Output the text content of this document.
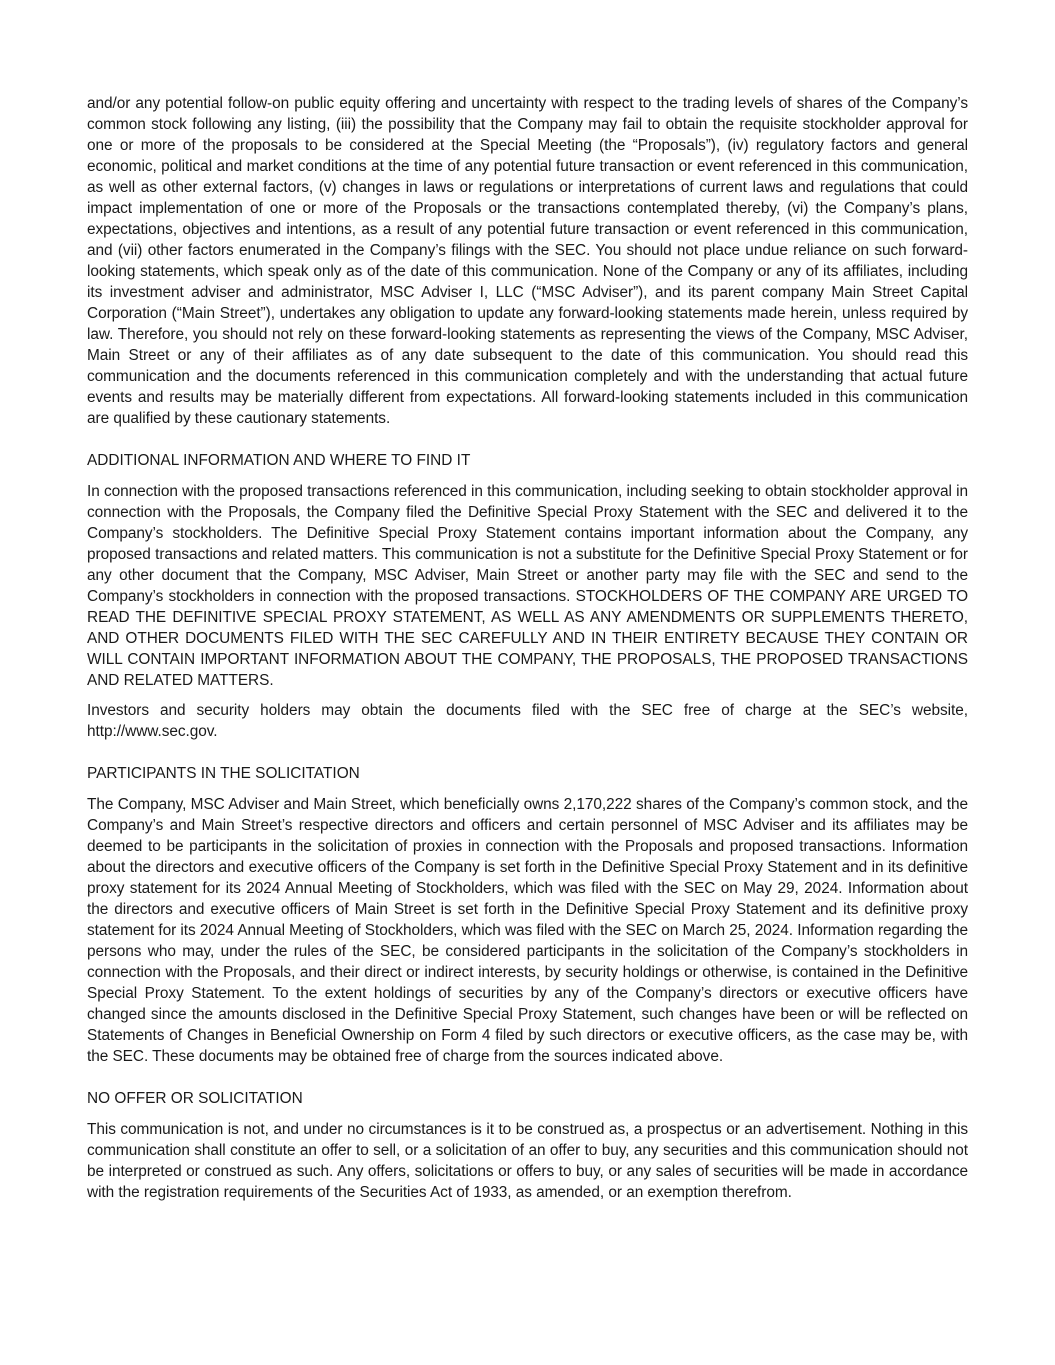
and/or any potential follow-on public equity offering and uncertainty with respect to the trading levels of shares of the Company’s common stock following any listing, (iii) the possibility that the Company may fail to obtain the requisite stockholder approval for one or more of the proposals to be considered at the Special Meeting (the “Proposals”), (iv) regulatory factors and general economic, political and market conditions at the time of any potential future transaction or event referenced in this communication, as well as other external factors, (v) changes in laws or regulations or interpretations of current laws and regulations that could impact implementation of one or more of the Proposals or the transactions contemplated thereby, (vi) the Company’s plans, expectations, objectives and intentions, as a result of any potential future transaction or event referenced in this communication, and (vii) other factors enumerated in the Company’s filings with the SEC. You should not place undue reliance on such forward-looking statements, which speak only as of the date of this communication. None of the Company or any of its affiliates, including its investment adviser and administrator, MSC Adviser I, LLC (“MSC Adviser”), and its parent company Main Street Capital Corporation (“Main Street”), undertakes any obligation to update any forward-looking statements made herein, unless required by law. Therefore, you should not rely on these forward-looking statements as representing the views of the Company, MSC Adviser, Main Street or any of their affiliates as of any date subsequent to the date of this communication. You should read this communication and the documents referenced in this communication completely and with the understanding that actual future events and results may be materially different from expectations. All forward-looking statements included in this communication are qualified by these cautionary statements.

ADDITIONAL INFORMATION AND WHERE TO FIND IT

In connection with the proposed transactions referenced in this communication, including seeking to obtain stockholder approval in connection with the Proposals, the Company filed the Definitive Special Proxy Statement with the SEC and delivered it to the Company’s stockholders. The Definitive Special Proxy Statement contains important information about the Company, any proposed transactions and related matters. This communication is not a substitute for the Definitive Special Proxy Statement or for any other document that the Company, MSC Adviser, Main Street or another party may file with the SEC and send to the Company’s stockholders in connection with the proposed transactions. STOCKHOLDERS OF THE COMPANY ARE URGED TO READ THE DEFINITIVE SPECIAL PROXY STATEMENT, AS WELL AS ANY AMENDMENTS OR SUPPLEMENTS THERETO, AND OTHER DOCUMENTS FILED WITH THE SEC CAREFULLY AND IN THEIR ENTIRETY BECAUSE THEY CONTAIN OR WILL CONTAIN IMPORTANT INFORMATION ABOUT THE COMPANY, THE PROPOSALS, THE PROPOSED TRANSACTIONS AND RELATED MATTERS.

Investors and security holders may obtain the documents filed with the SEC free of charge at the SEC’s website, http://www.sec.gov.

PARTICIPANTS IN THE SOLICITATION

The Company, MSC Adviser and Main Street, which beneficially owns 2,170,222 shares of the Company’s common stock, and the Company’s and Main Street’s respective directors and officers and certain personnel of MSC Adviser and its affiliates may be deemed to be participants in the solicitation of proxies in connection with the Proposals and proposed transactions. Information about the directors and executive officers of the Company is set forth in the Definitive Special Proxy Statement and in its definitive proxy statement for its 2024 Annual Meeting of Stockholders, which was filed with the SEC on May 29, 2024. Information about the directors and executive officers of Main Street is set forth in the Definitive Special Proxy Statement and its definitive proxy statement for its 2024 Annual Meeting of Stockholders, which was filed with the SEC on March 25, 2024. Information regarding the persons who may, under the rules of the SEC, be considered participants in the solicitation of the Company’s stockholders in connection with the Proposals, and their direct or indirect interests, by security holdings or otherwise, is contained in the Definitive Special Proxy Statement. To the extent holdings of securities by any of the Company’s directors or executive officers have changed since the amounts disclosed in the Definitive Special Proxy Statement, such changes have been or will be reflected on Statements of Changes in Beneficial Ownership on Form 4 filed by such directors or executive officers, as the case may be, with the SEC. These documents may be obtained free of charge from the sources indicated above.

NO OFFER OR SOLICITATION

This communication is not, and under no circumstances is it to be construed as, a prospectus or an advertisement. Nothing in this communication shall constitute an offer to sell, or a solicitation of an offer to buy, any securities and this communication should not be interpreted or construed as such. Any offers, solicitations or offers to buy, or any sales of securities will be made in accordance with the registration requirements of the Securities Act of 1933, as amended, or an exemption therefrom.
